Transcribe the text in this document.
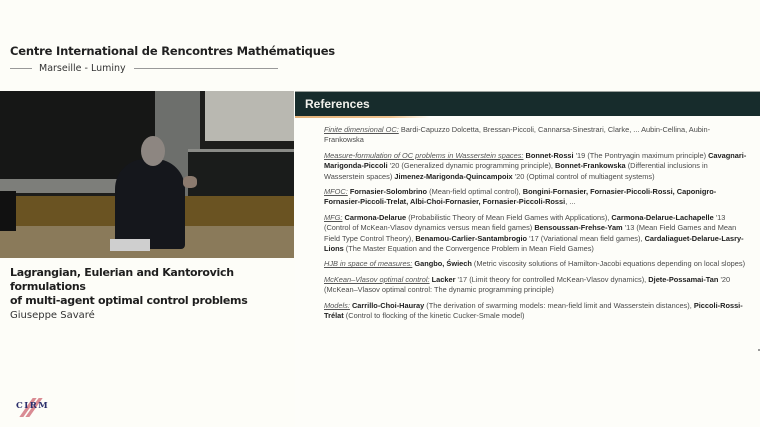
Centre International de Rencontres Mathématiques
Marseille - Luminy
Lagrangian, Eulerian and Kantorovich formulations
of multi-agent optimal control problems
Giuseppe Savaré
CIRM
References

Finite dimensional OC: Bardi-Capuzzo Dolcetta, Bressan-Piccoli, Cannarsa-Sinestrari, Clarke, ... Aubin-Cellina, Aubin-Frankowska

Measure-formulation of OC problems in Wasserstein spaces: Bonnet-Rossi '19 (The Pontryagin maximum principle) Cavagnari-Marigonda-Piccoli '20 (Generalized dynamic programming principle), Bonnet-Frankowska (Differential inclusions in Wasserstein spaces) Jimenez-Marigonda-Quincampoix '20 (Optimal control of multiagent systems)

MFOC: Fornasier-Solombrino (Mean-field optimal control), Bongini-Fornasier, Fornasier-Piccoli-Rossi, Caponigro-Fornasier-Piccoli-Trelat, Albi-Choi-Fornasier, Fornasier-Piccoli-Rossi, ...

MFG: Carmona-Delarue (Probabilistic Theory of Mean Field Games with Applications), Carmona-Delarue-Lachapelle '13 (Control of McKean-Vlasov dynamics versus mean field games) Bensoussan-Frehse-Yam '13 (Mean Field Games and Mean Field Type Control Theory), Benamou-Carlier-Santambrogio '17 (Variational mean field games), Cardaliaguet-Delarue-Lasry-Lions (The Master Equation and the Convergence Problem in Mean Field Games)

HJB in space of measures: Gangbo, Świech (Metric viscosity solutions of Hamilton-Jacobi equations depending on local slopes)

McKean–Vlasov optimal control: Lacker '17 (Limit theory for controlled McKean-Vlasov dynamics), Djete-Possamai-Tan '20 (McKean–Vlasov optimal control: The dynamic programming principle)

Models: Carrillo-Choi-Hauray (The derivation of swarming models: mean-field limit and Wasserstein distances), Piccoli-Rossi-Trélat (Control to flocking of the kinetic Cucker-Smale model)
